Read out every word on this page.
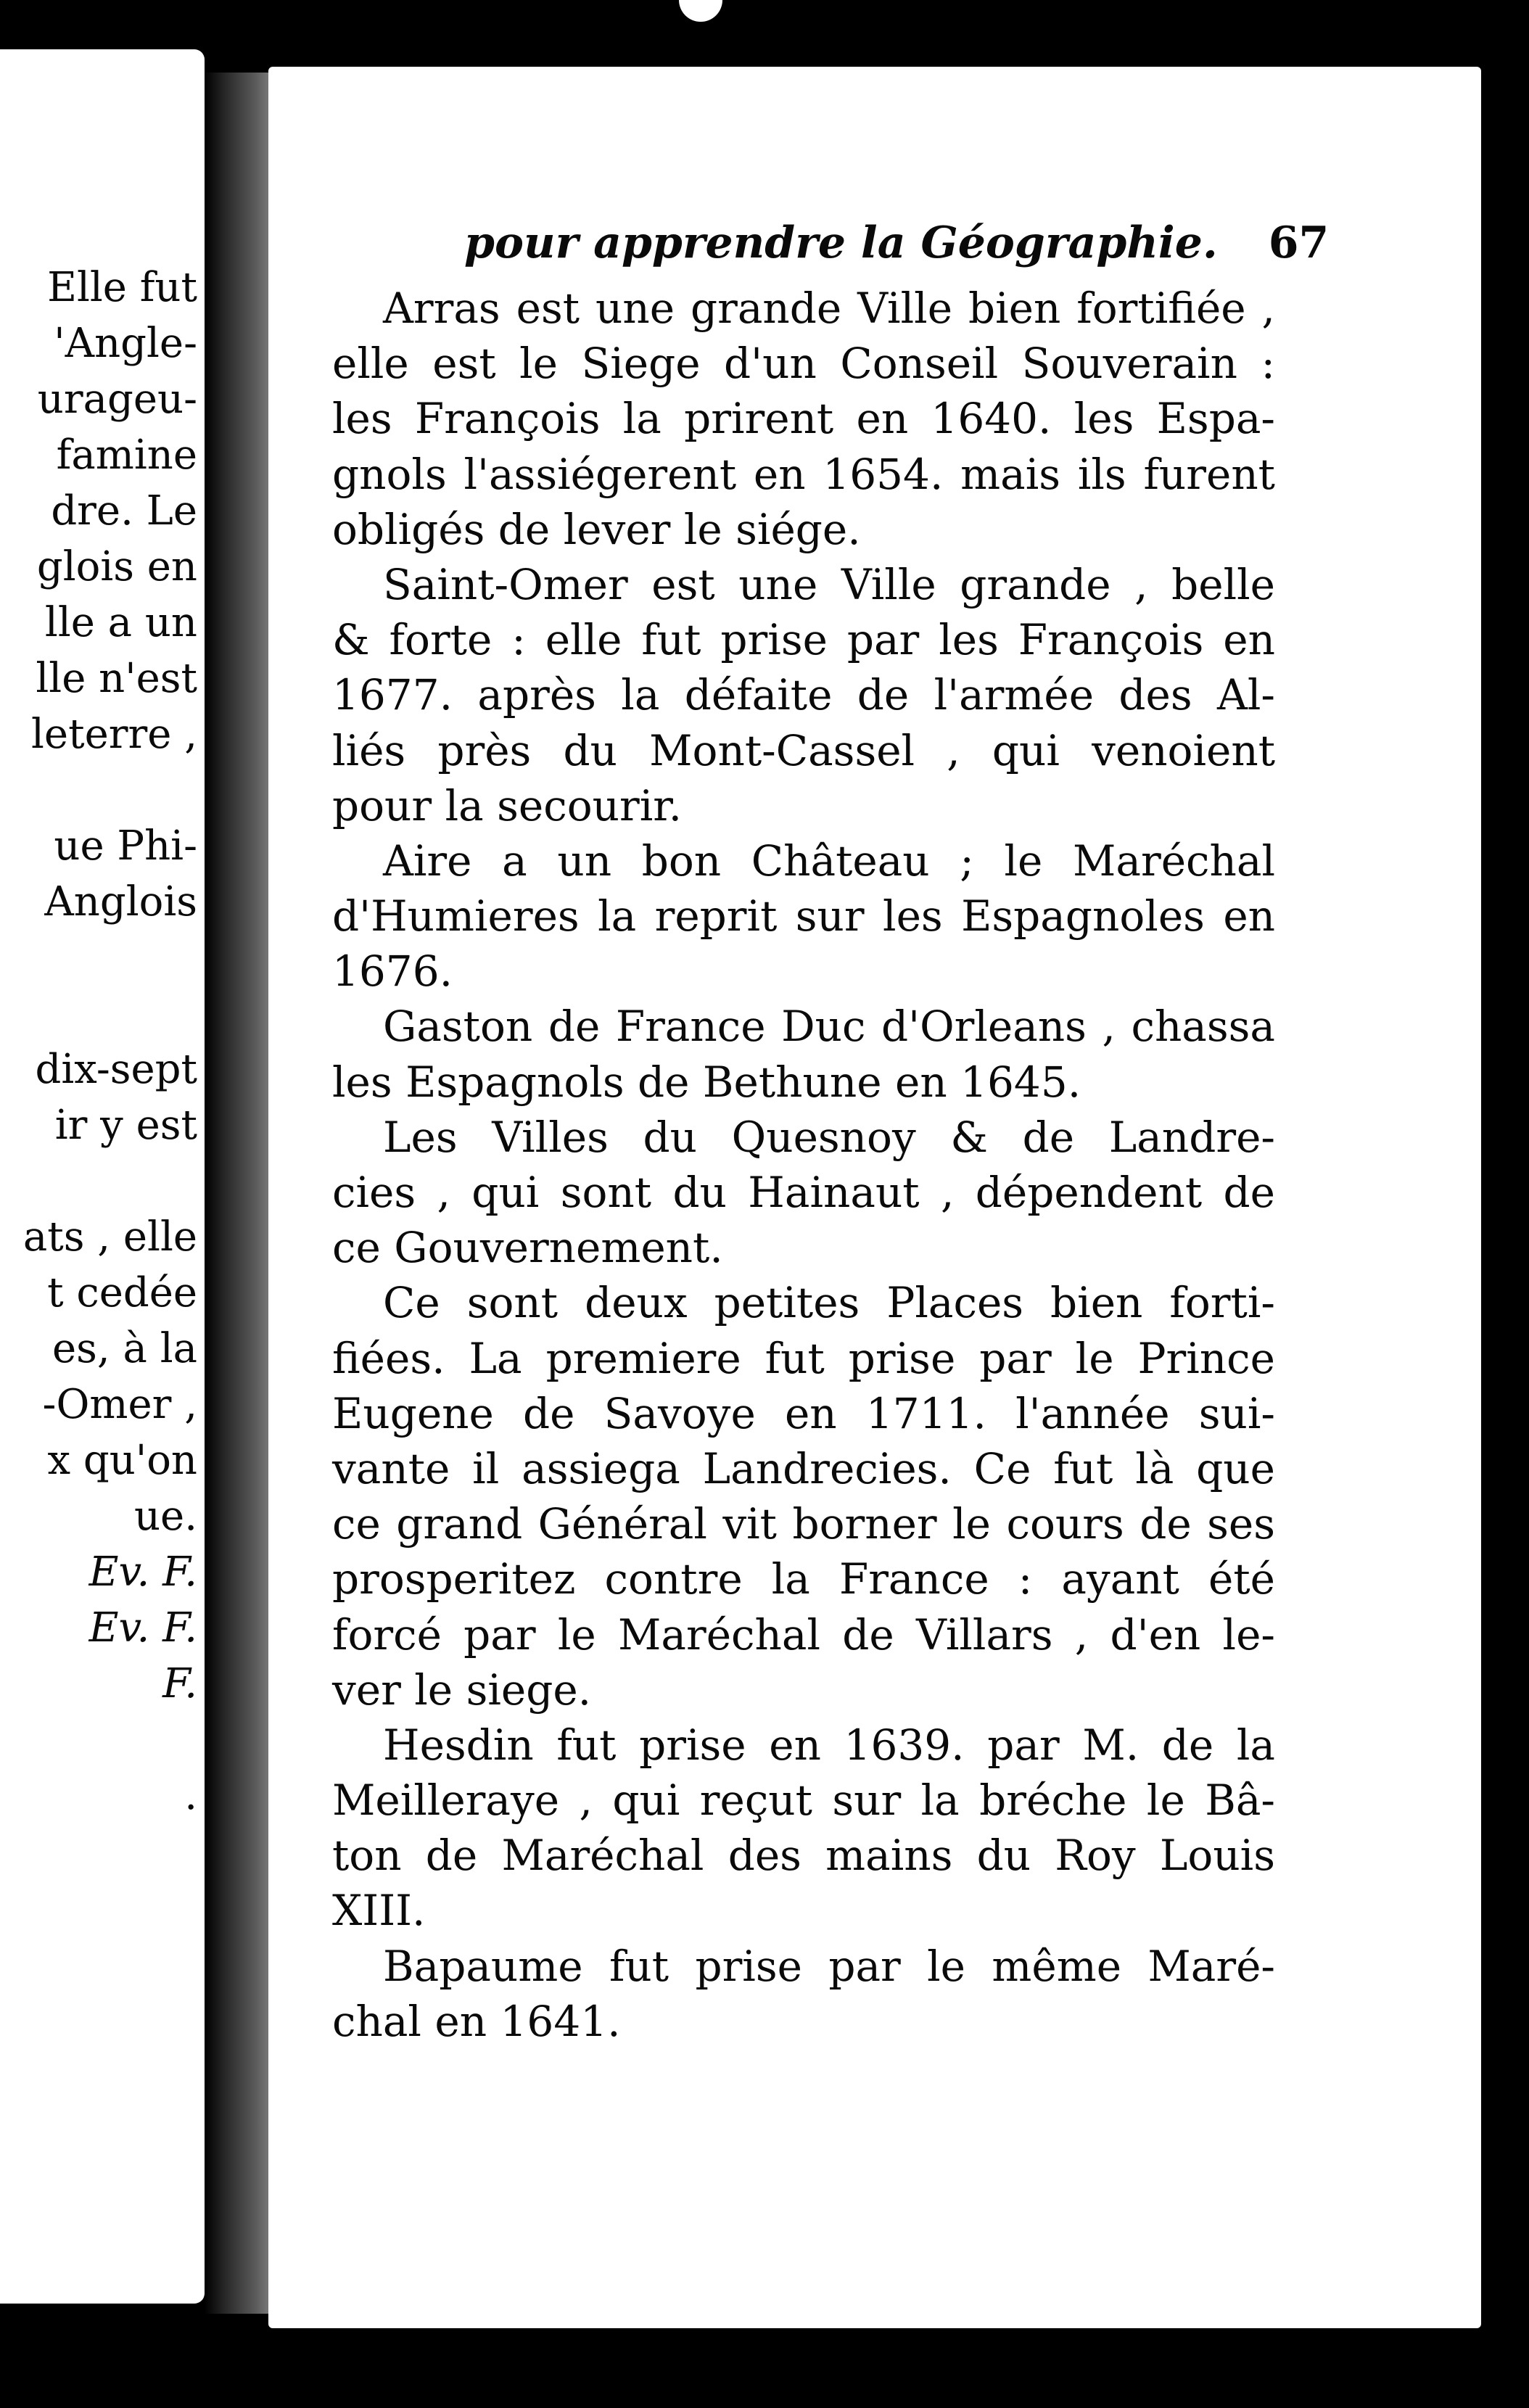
Elle fut
'Angle-
urageu-
famine
dre. Le
glois en
lle a un
lle n'est
leterre ,
ue Phi-
Anglois
dix-sept
ir y est
ats , elle
t cedée
es, à la
-Omer ,
x qu'on
ue.
Ev. F.
Ev. F.
F.
.
pour apprendre la Géographie. 67
Arras est une grande Ville bien fortifiée ,
elle est le Siege d'un Conseil Souverain :
les François la prirent en 1640. les Espa-
gnols l'assiégerent en 1654. mais ils furent
obligés de lever le siége.
Saint-Omer est une Ville grande , belle
& forte : elle fut prise par les François en
1677. après la défaite de l'armée des Al-
liés près du Mont-Cassel , qui venoient
pour la secourir.
Aire a un bon Château ; le Maréchal
d'Humieres la reprit sur les Espagnoles en
1676.
Gaston de France Duc d'Orleans , chassa
les Espagnols de Bethune en 1645.
Les Villes du Quesnoy & de Landre-
cies , qui sont du Hainaut , dépendent de
ce Gouvernement.
Ce sont deux petites Places bien forti-
fiées. La premiere fut prise par le Prince
Eugene de Savoye en 1711. l'année sui-
vante il assiega Landrecies. Ce fut là que
ce grand Général vit borner le cours de ses
prosperitez contre la France : ayant été
forcé par le Maréchal de Villars , d'en le-
ver le siege.
Hesdin fut prise en 1639. par M. de la
Meilleraye , qui reçut sur la bréche le Bâ-
ton de Maréchal des mains du Roy Louis
XIII.
Bapaume fut prise par le même Maré-
chal en 1641.
